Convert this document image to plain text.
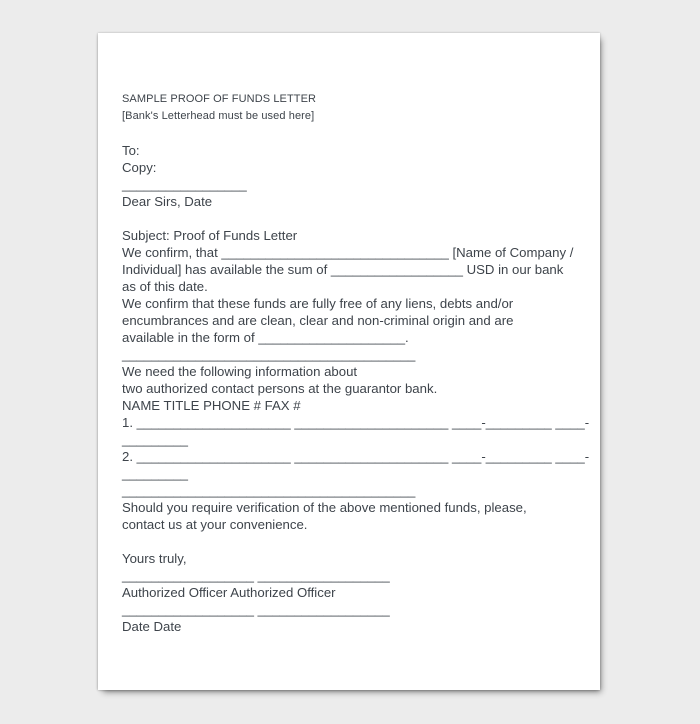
SAMPLE PROOF OF FUNDS LETTER
[Bank's Letterhead must be used here]
To:
Copy:
_________________
Dear Sirs, Date
Subject: Proof of Funds Letter
We confirm, that _______________________________ [Name of Company /
Individual] has available the sum of __________________ USD in our bank
as of this date.
We confirm that these funds are fully free of any liens, debts and/or
encumbrances and are clean, clear and non-criminal origin and are
available in the form of ____________________.
________________________________________
We need the following information about
two authorized contact persons at the guarantor bank.
NAME TITLE PHONE # FAX #
1. _____________________ _____________________ ____-_________ ____-
_________
2. _____________________ _____________________ ____-_________ ____-
_________
________________________________________
Should you require verification of the above mentioned funds, please,
contact us at your convenience.
Yours truly,
__________________ __________________
Authorized Officer Authorized Officer
__________________ __________________
Date Date
